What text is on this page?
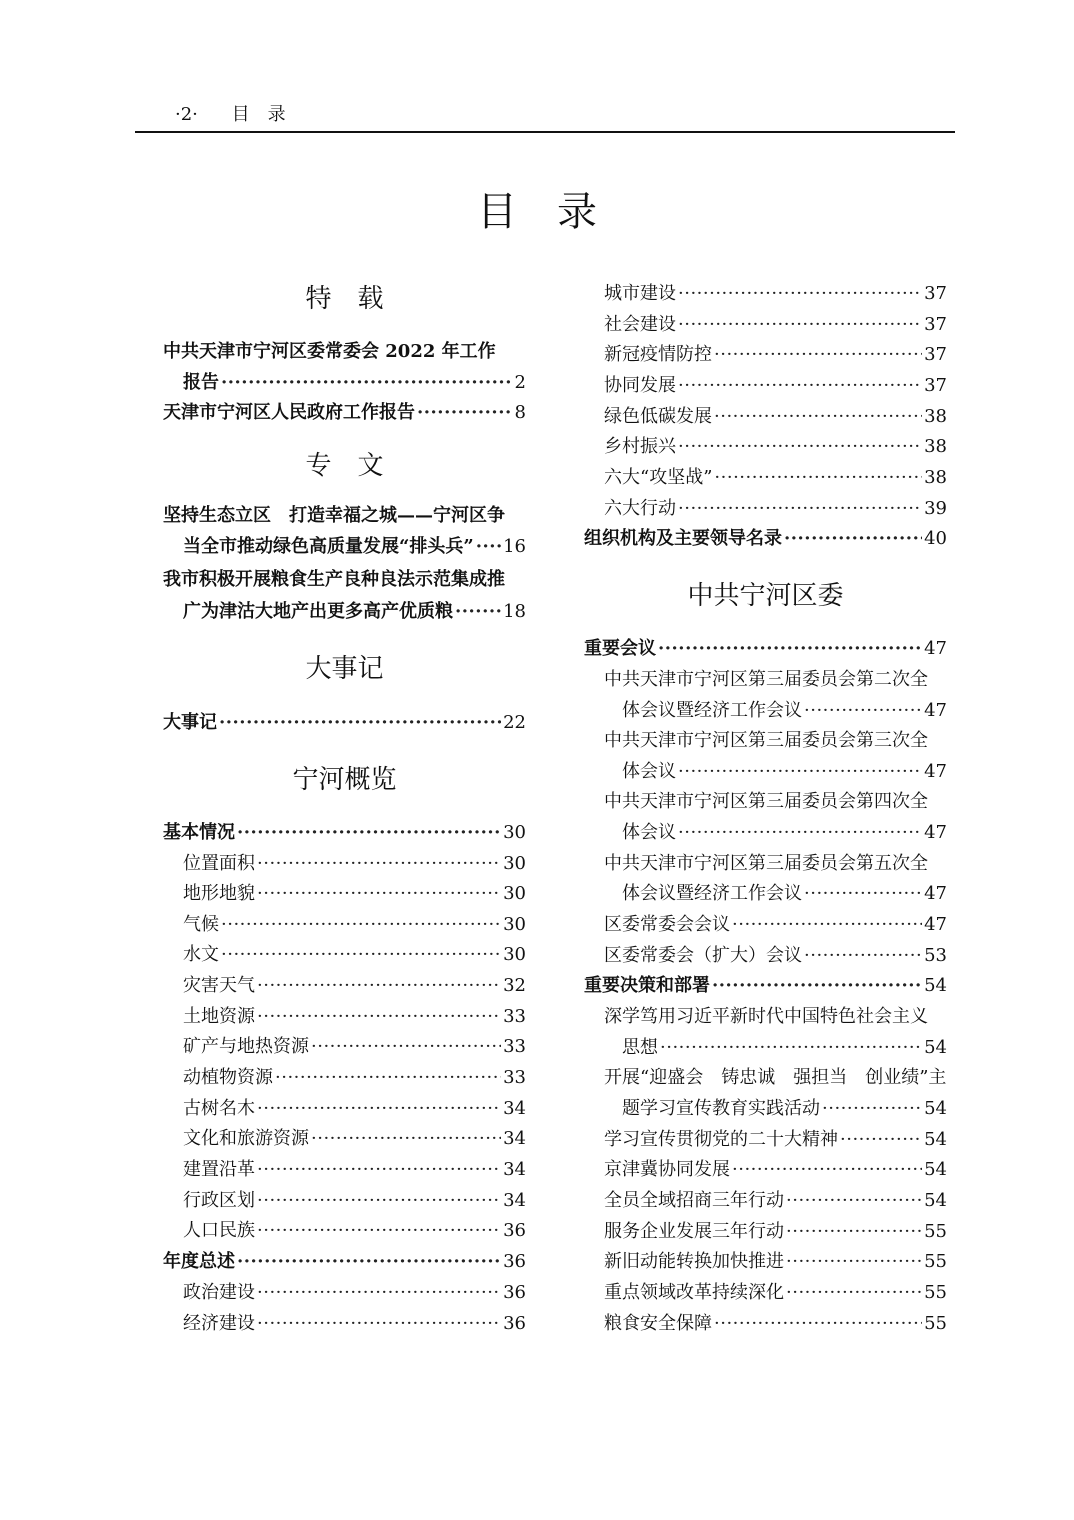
·2· 目　录
目　录
特　载
中共天津市宁河区委常委会 2022 年工作
报告 ·····	2
天津市宁河区人民政府工作报告 ·····	8
专　文
坚持生态立区　打造幸福之城——宁河区争
当全市推动绿色高质量发展“排头兵” ····· 16
我市积极开展粮食生产良种良法示范集成推
广为津沽大地产出更多高产优质粮 ·····	18
大事记
大事记 ·····	22
宁河概览
基本情况 ·····	30
位置面积 ·····	30
地形地貌 ·····	30
气候 ·····	30
水文 ·····	30
灾害天气 ·····	32
土地资源 ·····	33
矿产与地热资源 ·····	33
动植物资源 ·····	33
古树名木 ·····	34
文化和旅游资源 ·····	34
建置沿革 ·····	34
行政区划 ·····	34
人口民族 ·····	36
年度总述 ·····	36
政治建设 ·····	36
经济建设 ·····	36
城市建设 ·····	37
社会建设 ·····	37
新冠疫情防控 ·····	37
协同发展 ·····	37
绿色低碳发展 ·····	38
乡村振兴 ·····	38
六大“攻坚战” ·····	38
六大行动 ·····	39
组织机构及主要领导名录 ·····	40
中共宁河区委
重要会议 ·····	47
中共天津市宁河区第三届委员会第二次全
体会议暨经济工作会议 ·····	47
中共天津市宁河区第三届委员会第三次全
体会议 ·····	47
中共天津市宁河区第三届委员会第四次全
体会议 ·····	47
中共天津市宁河区第三届委员会第五次全
体会议暨经济工作会议 ·····	47
区委常委会会议 ·····	47
区委常委会（扩大）会议 ·····	53
重要决策和部署 ·····	54
深学笃用习近平新时代中国特色社会主义
思想 ·····	54
开展“迎盛会　铸忠诚　强担当　创业绩”主
题学习宣传教育实践活动 ·····	54
学习宣传贯彻党的二十大精神 ·····	54
京津冀协同发展 ·····	54
全员全域招商三年行动 ·····	54
服务企业发展三年行动 ·····	55
新旧动能转换加快推进 ·····	55
重点领域改革持续深化 ·····	55
粮食安全保障 ·····	55
